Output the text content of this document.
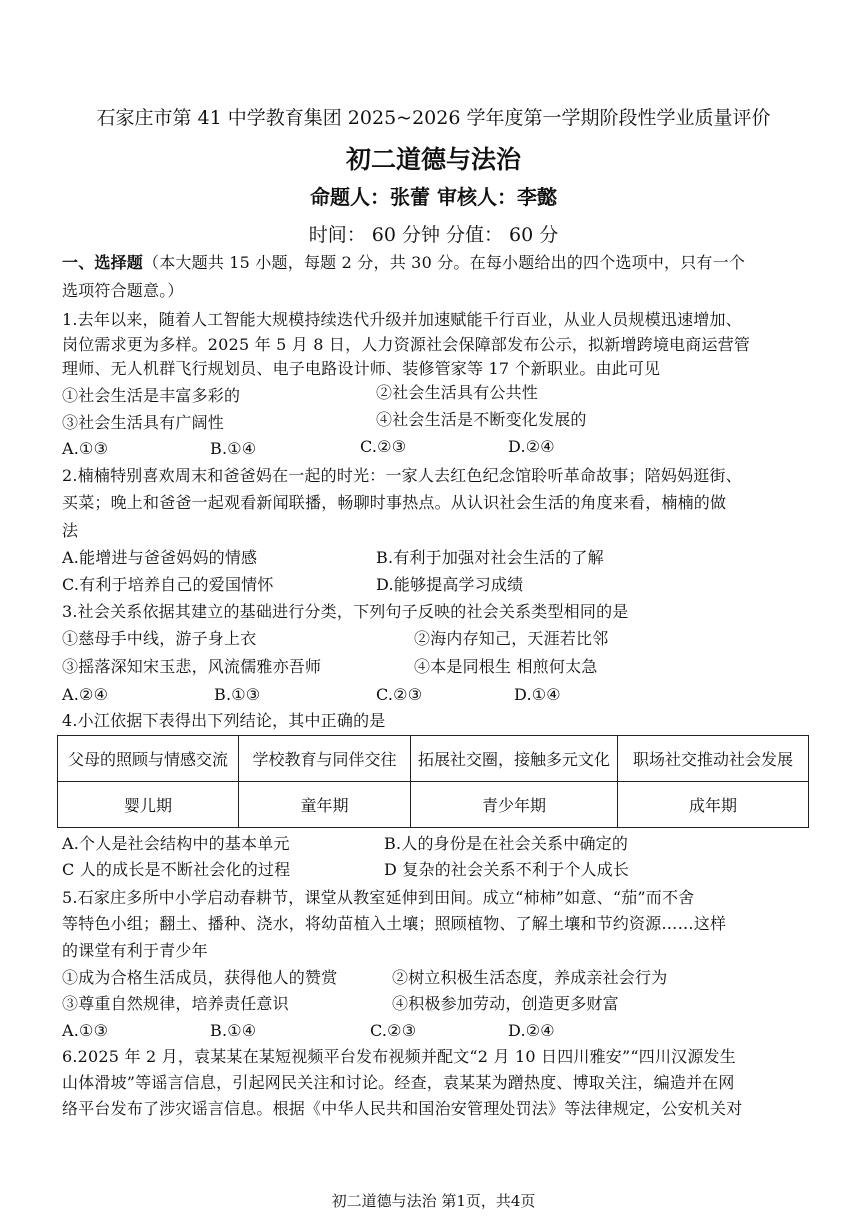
石家庄市第 41 中学教育集团 2025~2026 学年度第一学期阶段性学业质量评价
初二道德与法治
命题人：张蕾 审核人：李懿
时间： 60 分钟 分值： 60 分
一、选择题（本大题共 15 小题，每题 2 分，共 30 分。在每小题给出的四个选项中，只有一个
选项符合题意。）
1.去年以来，随着人工智能大规模持续迭代升级并加速赋能千行百业，从业人员规模迅速增加、
岗位需求更为多样。2025 年 5 月 8 日，人力资源社会保障部发布公示，拟新增跨境电商运营管
理师、无人机群飞行规划员、电子电路设计师、装修管家等 17 个新职业。由此可见
①社会生活是丰富多彩的	②社会生活具有公共性
③社会生活具有广阔性	④社会生活是不断变化发展的
A.①③	B.①④	C.②③	D.②④
2.楠楠特别喜欢周末和爸爸妈在一起的时光：一家人去红色纪念馆聆听革命故事；陪妈妈逛街、
买菜；晚上和爸爸一起观看新闻联播，畅聊时事热点。从认识社会生活的角度来看，楠楠的做
法
A.能增进与爸爸妈妈的情感	B.有利于加强对社会生活的了解
C.有利于培养自己的爱国情怀	D.能够提高学习成绩
3.社会关系依据其建立的基础进行分类，下列句子反映的社会关系类型相同的是
①慈母手中线，游子身上衣	②海内存知己，天涯若比邻
③摇落深知宋玉悲，风流儒雅亦吾师	④本是同根生 相煎何太急
A.②④	B.①③	C.②③	D.①④
4.小江依据下表得出下列结论，其中正确的是
父母的照顾与情感交流	学校教育与同伴交往	拓展社交圈，接触多元文化	职场社交推动社会发展
婴儿期	童年期	青少年期	成年期
A.个人是社会结构中的基本单元	B.人的身份是在社会关系中确定的
C 人的成长是不断社会化的过程	D 复杂的社会关系不利于个人成长
5.石家庄多所中小学启动春耕节，课堂从教室延伸到田间。成立“柿柿”如意、“茄”而不舍
等特色小组；翻土、播种、浇水，将幼苗植入土壤；照顾植物、了解土壤和节约资源……这样
的课堂有利于青少年
①成为合格生活成员，获得他人的赞赏	②树立积极生活态度，养成亲社会行为
③尊重自然规律，培养责任意识	④积极参加劳动，创造更多财富
A.①③	B.①④	C.②③	D.②④
6.2025 年 2 月，袁某某在某短视频平台发布视频并配文“2 月 10 日四川雅安”“四川汉源发生
山体滑坡”等谣言信息，引起网民关注和讨论。经查，袁某某为蹭热度、博取关注，编造并在网
络平台发布了涉灾谣言信息。根据《中华人民共和国治安管理处罚法》等法律规定，公安机关对
初二道德与法治 第1页，共4页
